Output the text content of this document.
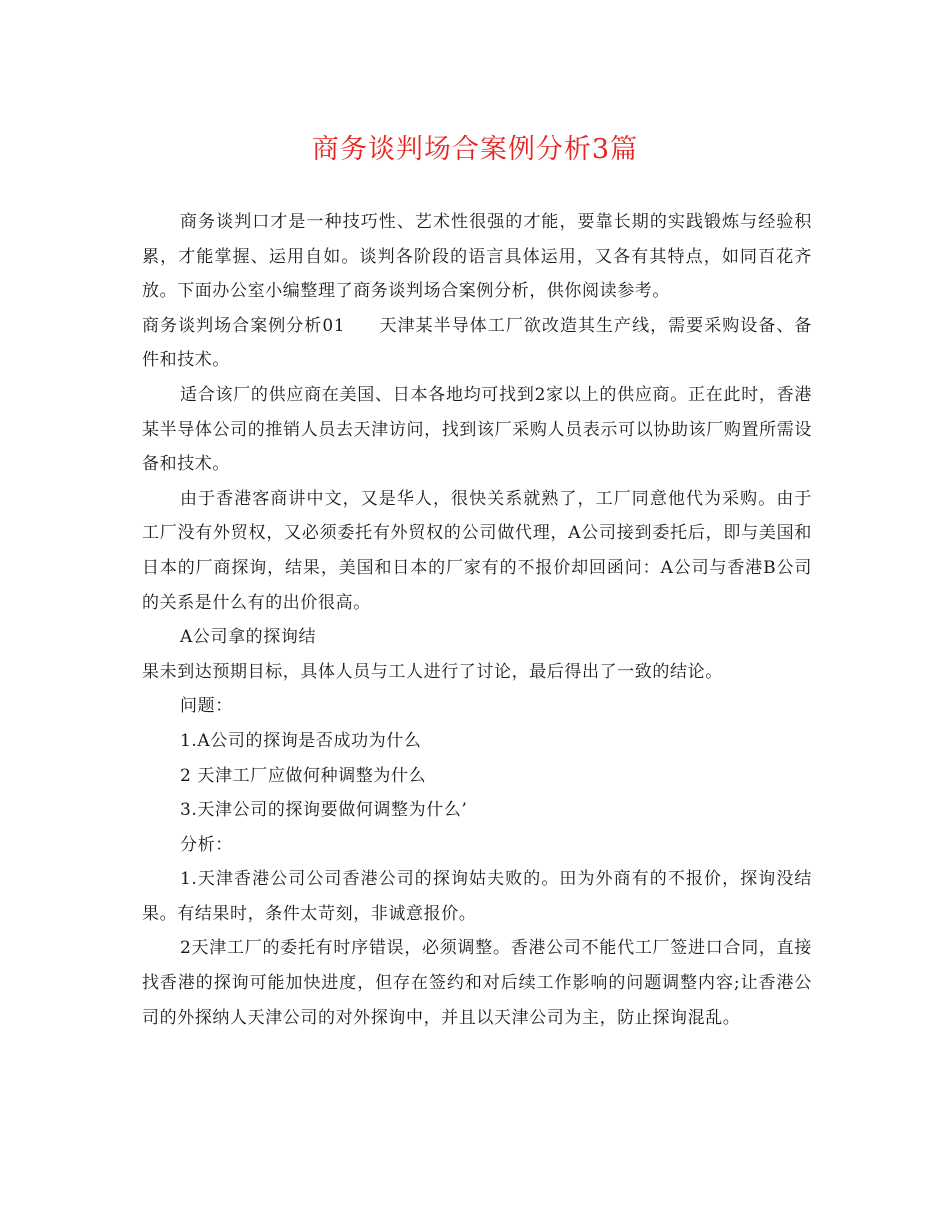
商务谈判场合案例分析3篇

商务谈判口才是一种技巧性、艺术性很强的才能，要靠长期的实践锻炼与经验积累，才能掌握、运用自如。谈判各阶段的语言具体运用，又各有其特点，如同百花齐放。下面办公室小编整理了商务谈判场合案例分析，供你阅读参考。

商务谈判场合案例分析01 天津某半导体工厂欲改造其生产线，需要采购设备、备件和技术。

适合该厂的供应商在美国、日本各地均可找到2家以上的供应商。正在此时，香港某半导体公司的推销人员去天津访问，找到该厂采购人员表示可以协助该厂购置所需设备和技术。

由于香港客商讲中文，又是华人，很快关系就熟了，工厂同意他代为采购。由于工厂没有外贸权，又必须委托有外贸权的公司做代理，A公司接到委托后，即与美国和日本的厂商探询，结果，美国和日本的厂家有的不报价却回函问：A公司与香港B公司的关系是什么有的出价很高。

A公司拿的探询结

果未到达预期目标，具体人员与工人进行了讨论，最后得出了一致的结论。

问题：

1.A公司的探询是否成功为什么

2 天津工厂应做何种调整为什么

3.天津公司的探询要做何调整为什么’

分析：

1.天津香港公司公司香港公司的探询姑夫败的。田为外商有的不报价，探询没结果。有结果时，条件太苛刻，非诚意报价。

2天津工厂的委托有时序错误，必须调整。香港公司不能代工厂签进口合同，直接找香港的探询可能加快进度，但存在签约和对后续工作影响的问题调整内容;让香港公司的外探纳人天津公司的对外探询中，并且以天津公司为主，防止探询混乱。
